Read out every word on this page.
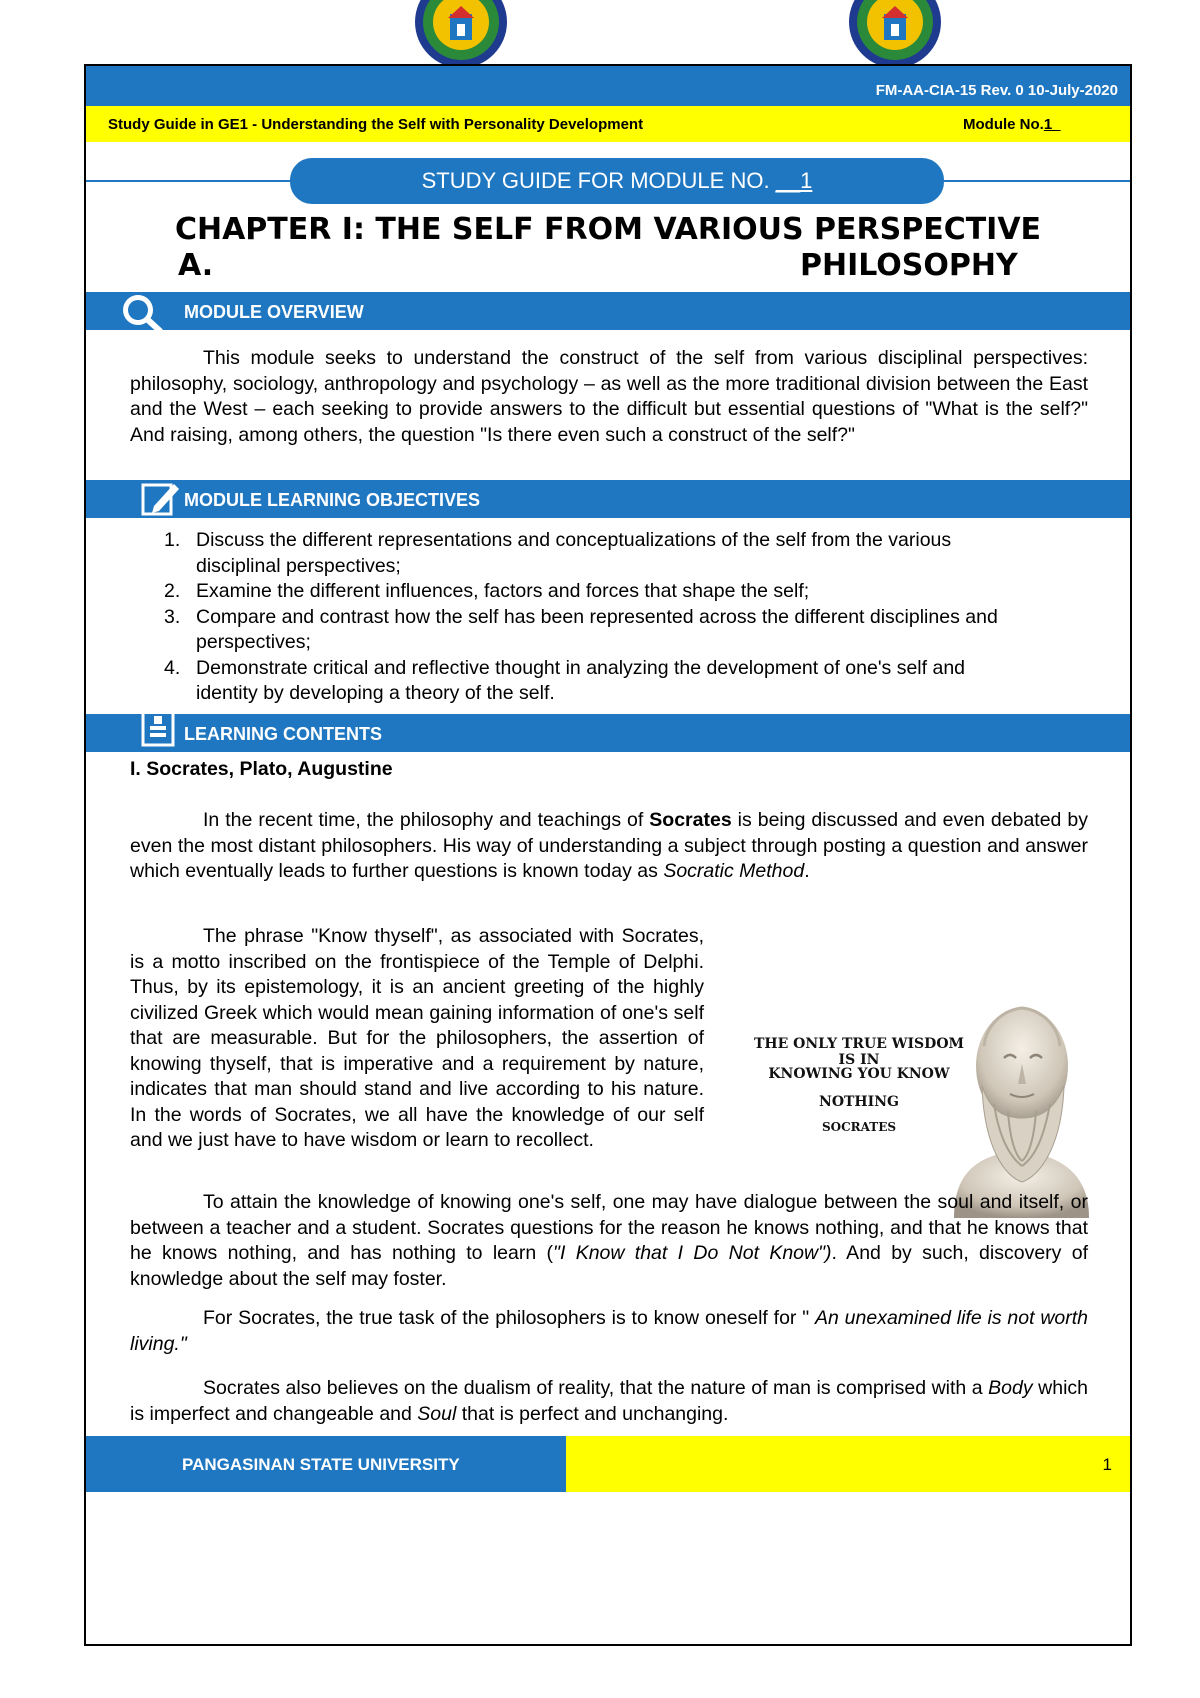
FM-AA-CIA-15 Rev. 0 10-July-2020
Study Guide in GE1 - Understanding the Self with Personality Development	Module No.1_
STUDY GUIDE FOR MODULE NO. __1
CHAPTER I: THE SELF FROM VARIOUS PERSPECTIVE
A.	PHILOSOPHY
MODULE OVERVIEW
This module seeks to understand the construct of the self from various disciplinal perspectives: philosophy, sociology, anthropology and psychology – as well as the more traditional division between the East and the West – each seeking to provide answers to the difficult but essential questions of "What is the self?" And raising, among others, the question "Is there even such a construct of the self?"
MODULE LEARNING OBJECTIVES
1. Discuss the different representations and conceptualizations of the self from the various disciplinal perspectives;
2. Examine the different influences, factors and forces that shape the self;
3. Compare and contrast how the self has been represented across the different disciplines and perspectives;
4. Demonstrate critical and reflective thought in analyzing the development of one's self and identity by developing a theory of the self.
LEARNING CONTENTS
I. Socrates, Plato, Augustine
In the recent time, the philosophy and teachings of Socrates is being discussed and even debated by even the most distant philosophers. His way of understanding a subject through posting a question and answer which eventually leads to further questions is known today as Socratic Method.
The phrase "Know thyself", as associated with Socrates, is a motto inscribed on the frontispiece of the Temple of Delphi. Thus, by its epistemology, it is an ancient greeting of the highly civilized Greek which would mean gaining information of one's self that are measurable. But for the philosophers, the assertion of knowing thyself, that is imperative and a requirement by nature, indicates that man should stand and live according to his nature. In the words of Socrates, we all have the knowledge of our self and we just have to have wisdom or learn to recollect.
THE ONLY TRUE WISDOM IS IN
KNOWING YOU KNOW
NOTHING
SOCRATES
To attain the knowledge of knowing one's self, one may have dialogue between the soul and itself, or between a teacher and a student. Socrates questions for the reason he knows nothing, and that he knows that he knows nothing, and has nothing to learn ("I Know that I Do Not Know"). And by such, discovery of knowledge about the self may foster.
For Socrates, the true task of the philosophers is to know oneself for " An unexamined life is not worth living."
Socrates also believes on the dualism of reality, that the nature of man is comprised with a Body which is imperfect and changeable and Soul that is perfect and unchanging.
PANGASINAN STATE UNIVERSITY	1
